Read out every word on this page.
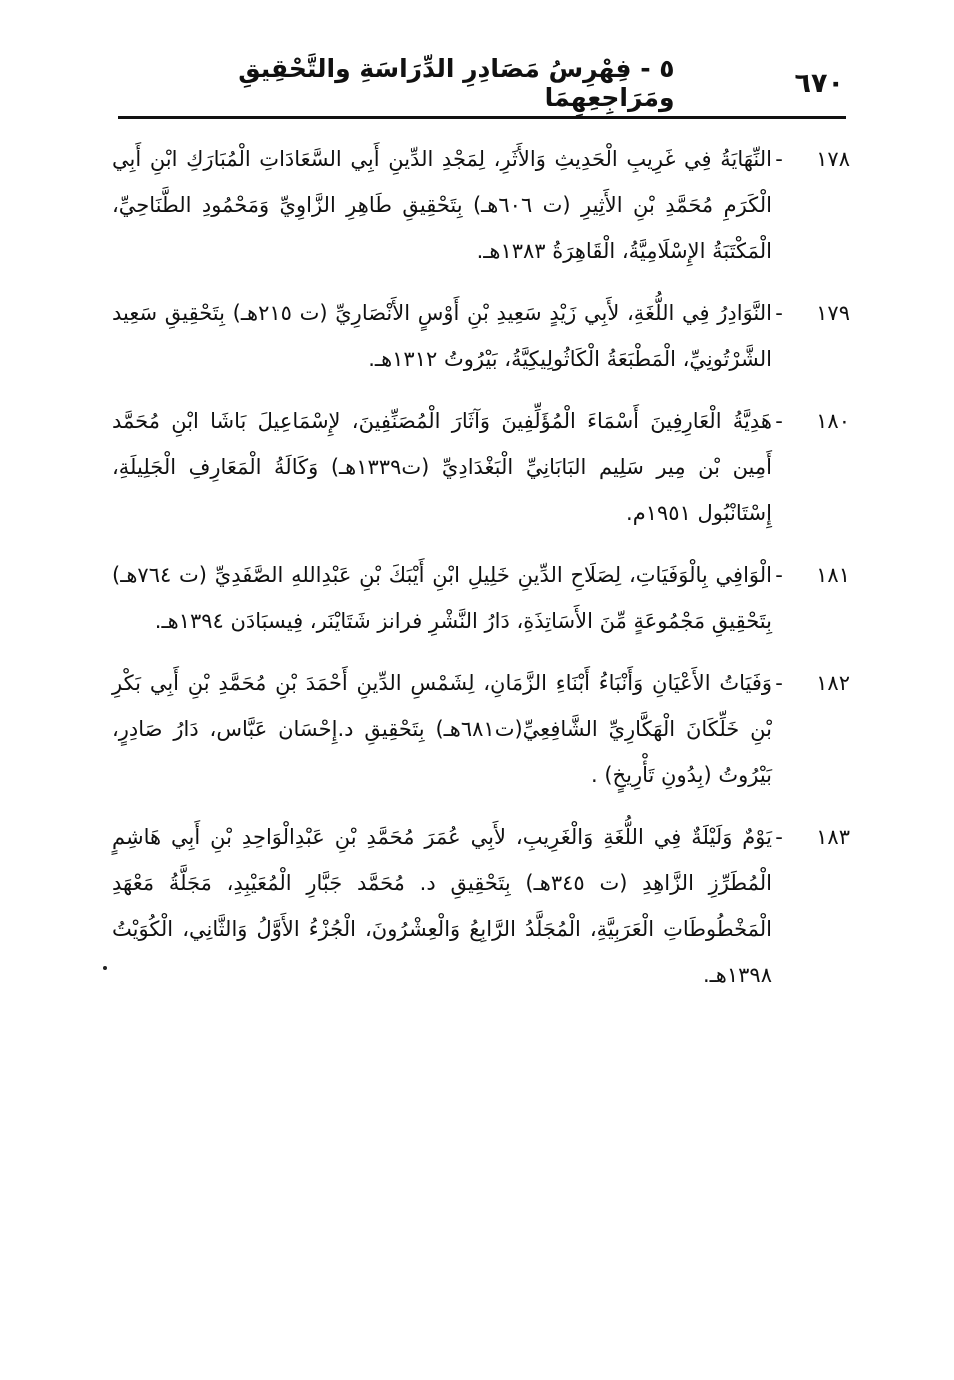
٦٧٠
٥ - فِهْرِسُ مَصَادِرِ الدِّرَاسَةِ والتَّحْقِيقِ ومَرَاجِعِهِمَا
١٧٨
-
النِّهَايَةُ فِي غَرِيبِ الْحَدِيثِ وَالأَثَرِ، لِمَجْدِ الدِّينِ أَبِي السَّعَادَاتِ الْمُبَارَكِ ابْنِ أَبِي الْكَرَمِ مُحَمَّدِ بْنِ الأَثِيرِ (ت ٦٠٦هـ) بِتَحْقِيقِ طَاهِرِ الزَّاوِيِّ وَمَحْمُودِ الطَّنَاحِيِّ، الْمَكْتَبَةُ الإِسْلَامِيَّةُ، الْقَاهِرَةُ ١٣٨٣هـ.
١٧٩
-
النَّوَادِرُ فِي اللُّغَةِ، لأَبِي زَيْدٍ سَعِيدِ بْنِ أَوْسٍ الأَنْصَارِيِّ (ت ٢١٥هـ) بِتَحْقِيقِ سَعِيد الشَّرْتُونِيِّ، الْمَطْبَعَةُ الْكَاثُولِيكِيَّةُ، بَيْرُوتُ ١٣١٢هـ.
١٨٠
-
هَدِيَّةُ الْعَارِفِينَ أَسْمَاءَ الْمُؤَلِّفِينَ وَآثَارَ الْمُصَنِّفِينَ، لإِسْمَاعِيلَ بَاشَا ابْنِ مُحَمَّد أَمِين بْن مِير سَلِيم البَابَانِيِّ الْبَغْدَادِيِّ (ت١٣٣٩هـ) وَكَالَةُ الْمَعَارِفِ الْجَلِيلَةِ، إِسْتَانْبُول ١٩٥١م.
١٨١
-
الْوَافِي بِالْوَفَيَاتِ، لِصَلَاحِ الدِّينِ خَلِيلِ ابْنِ أَيْبَكَ بْنِ عَبْدِاللهِ الصَّفَدِيِّ (ت ٧٦٤هـ) بِتَحْقِيقِ مَجْمُوعَةٍ مِّنَ الأَسَاتِذَةِ، دَارُ النَّشْرِ فرانز شَتَايْنَر، فِيسبَادَن ١٣٩٤هـ.
١٨٢
-
وَفَيَاتُ الأَعْيَانِ وَأَنْبَاءُ أَبْنَاءِ الزَّمَانِ، لِشَمْسِ الدِّينِ أَحْمَدَ بْنِ مُحَمَّدِ بْنِ أَبِي بَكْرِ بْنِ خَلِّكَانَ الْهَكَّارِيِّ الشَّافِعِيِّ(ت٦٨١هـ) بِتَحْقِيقِ د.إِحْسَان عَبَّاس، دَارُ صَادِرٍ، بَيْرُوتُ (بِدُونِ تَأْرِيخٍ) .
١٨٣
-
يَوْمٌ وَلَيْلَةٌ فِي اللُّغَةِ وَالْغَرِيبِ، لأَبِي عُمَرَ مُحَمَّدِ بْنِ عَبْدِالْوَاحِدِ بْنِ أَبِي هَاشِمٍ الْمُطَرِّزِ الزَّاهِدِ (ت ٣٤٥هـ) بِتَحْقِيقِ د. مُحَمَّد جَبَّارِ الْمُعَيْبِدِ، مَجَلَّةُ مَعْهَدِ الْمَخْطُوطَاتِ الْعَرَبِيَّةِ، الْمُجَلَّدُ الرَّابِعُ وَالْعِشْرُونَ، الْجُزْءُ الأَوَّلُ وَالثَّانِي، الْكُوَيْتُ ١٣٩٨هـ.
